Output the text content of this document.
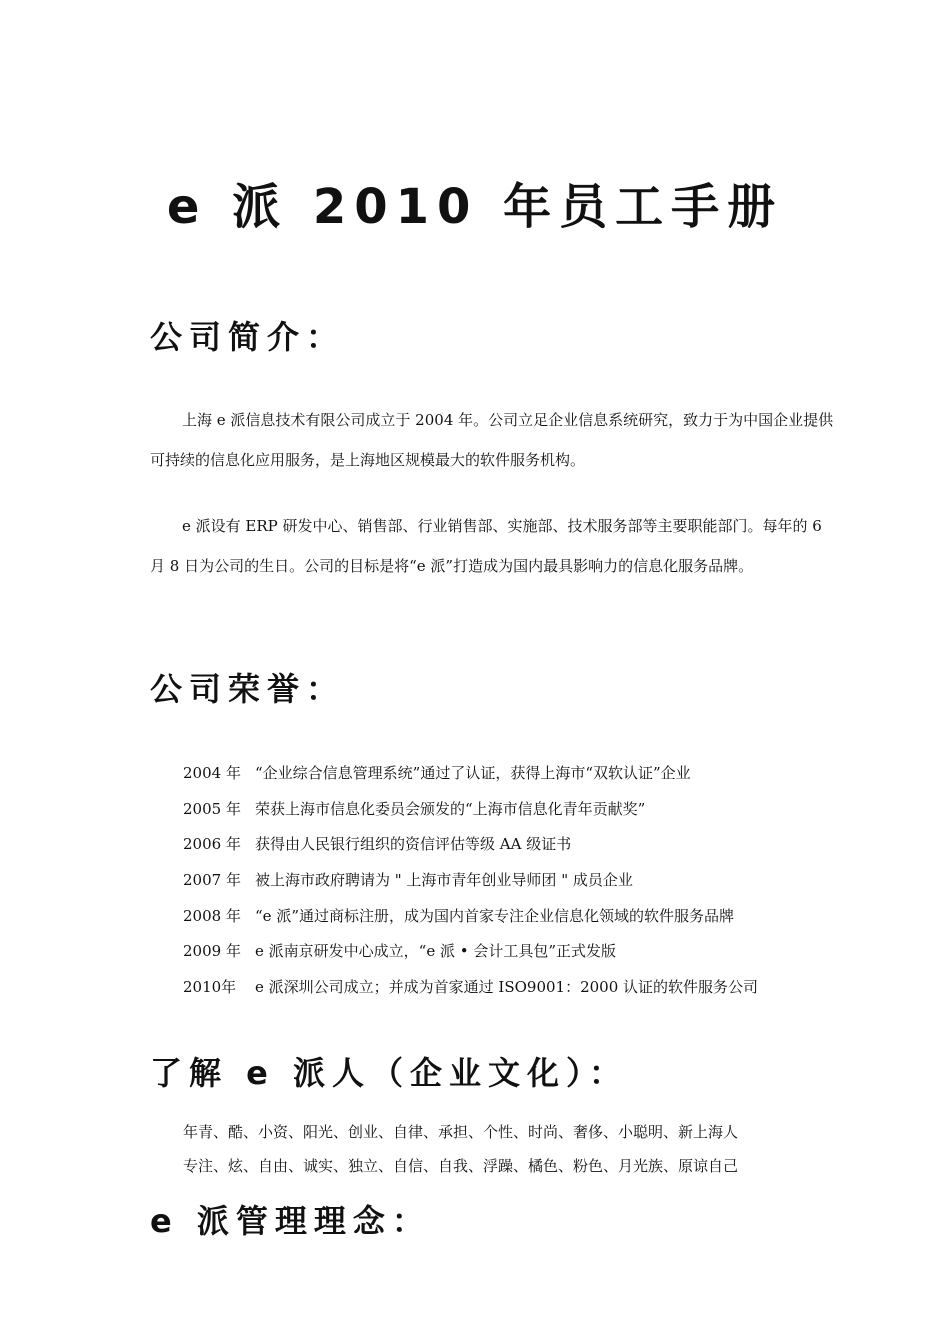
e 派 2010 年员工手册
公司简介：

上海 e 派信息技术有限公司成立于 2004 年。公司立足企业信息系统研究，致力于为中国企业提供可持续的信息化应用服务，是上海地区规模最大的软件服务机构。

e 派设有 ERP 研发中心、销售部、行业销售部、实施部、技术服务部等主要职能部门。每年的 6 月 8 日为公司的生日。公司的目标是将“e 派”打造成为国内最具影响力的信息化服务品牌。

公司荣誉：
2004 年 “企业综合信息管理系统”通过了认证，获得上海市“双软认证”企业
2005 年 荣获上海市信息化委员会颁发的“上海市信息化青年贡献奖”
2006 年 获得由人民银行组织的资信评估等级 AA 级证书
2007 年 被上海市政府聘请为 " 上海市青年创业导师团 " 成员企业
2008 年 “e 派”通过商标注册，成为国内首家专注企业信息化领域的软件服务品牌
2009 年 e 派南京研发中心成立，“e 派 • 会计工具包”正式发版
2010年 e 派深圳公司成立；并成为首家通过 ISO9001：2000 认证的软件服务公司
了解 e 派人（企业文化）：

年青、酷、小资、阳光、创业、自律、承担、个性、时尚、奢侈、小聪明、新上海人

专注、炫、自由、诚实、独立、自信、自我、浮躁、橘色、粉色、月光族、原谅自己

e 派管理理念：
